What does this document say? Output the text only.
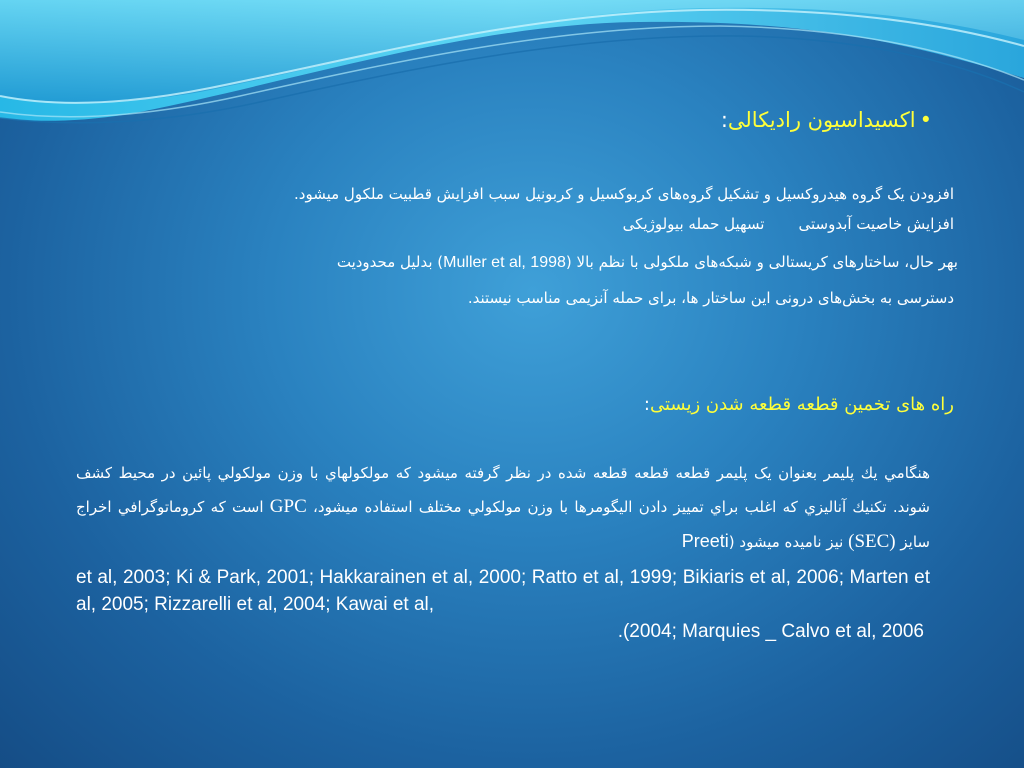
•اکسیداسیون رادیکالی:
افزودن یک گروه هیدروکسیل و تشکیل گروه‌های کربوکسیل و کربونیل سبب افزایش قطبیت ملکول میشود.
افزایش خاصیت آبدوستیتسهیل حمله بیولوژیکی
بهر حال، ساختارهای کریستالی و شبکه‌های ملکولی با نظم بالا (Muller et al, 1998) بدلیل محدودیت
دسترسی به بخش‌های درونی این ساختار ها، برای حمله آنزیمی مناسب نیستند.
راه های تخمین قطعه قطعه شدن زیستی:
هنگامي يك پليمر بعنوان یک پلیمر قطعه قطعه قطعه شده در نظر گرفته ميشود كه مولكولهاي با وزن مولكولي پائين در محيط كشف شوند. تكنيك آناليزي كه اغلب براي تمييز دادن اليگومرها با وزن مولكولي مختلف استفاده ميشود، GPC است که کروماتوگرافي اخراج سايز (SEC) نيز ناميده ميشود (Preeti
et al, 2003; Ki & Park, 2001; Hakkarainen et al, 2000; Ratto et al, 1999; Bikiaris et al, 2006; Marten et al, 2005; Rizzarelli et al, 2004; Kawai et al,
.(2004; Marquies _ Calvo et al, 2006
